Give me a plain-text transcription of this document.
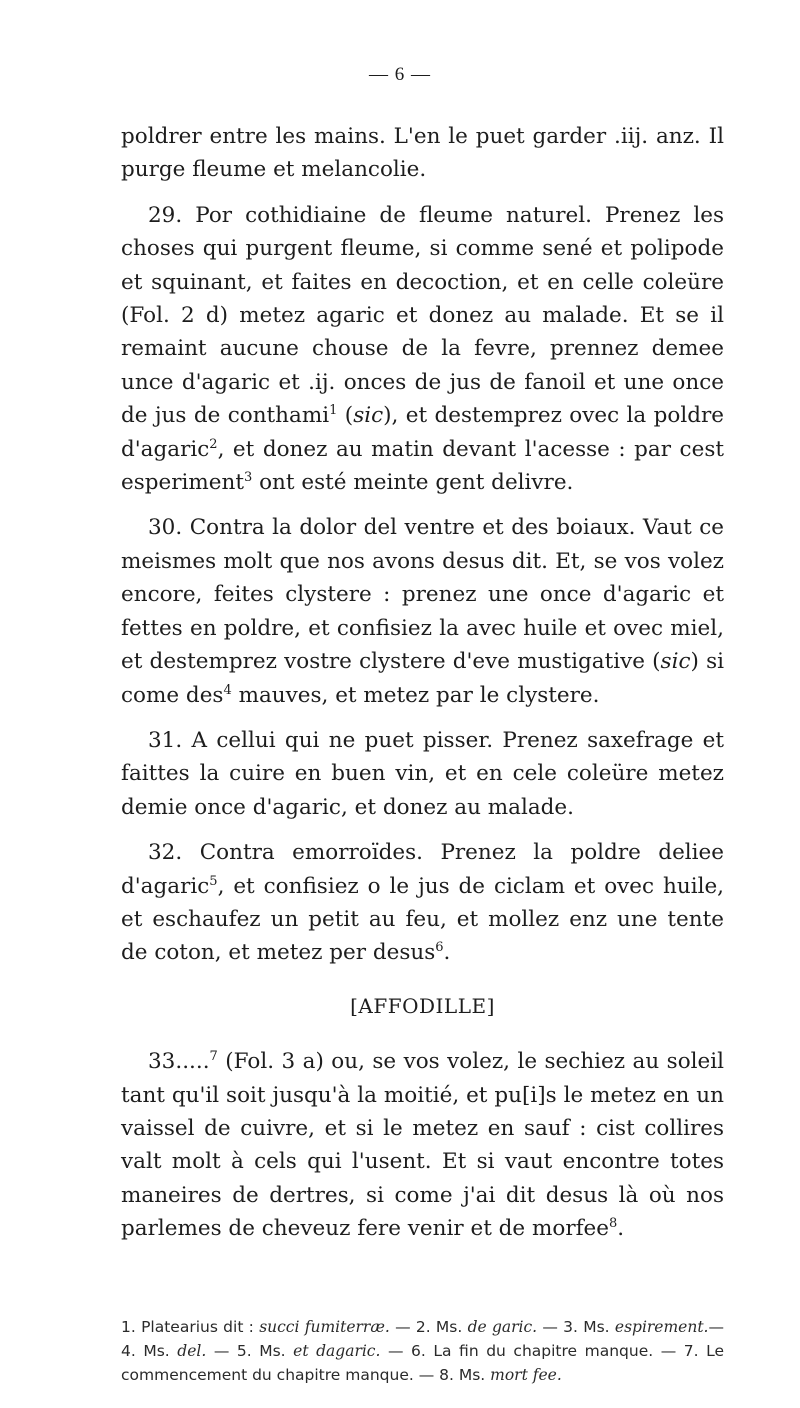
— 6 —

poldrer entre les mains. L'en le puet garder .iij. anz. Il purge fleume et melancolie.

29. Por cothidiaine de fleume naturel. Prenez les choses qui purgent fleume, si comme sené et polipode et squinant, et faites en decoction, et en celle coleüre (Fol. 2 d) metez agaric et donez au malade. Et se il remaint aucune chouse de la fevre, prennez demee unce d'agaric et .ij. onces de jus de fanoil et une once de jus de conthami$^1$ (sic), et destemprez ovec la poldre d'agaric$^2$, et donez au matin devant l'acesse : par cest esperiment$^3$ ont esté meinte gent delivre.

30. Contra la dolor del ventre et des boiaux. Vaut ce meismes molt que nos avons desus dit. Et, se vos volez encore, feites clystere : prenez une once d'agaric et fettes en poldre, et confisiez la avec huile et ovec miel, et destemprez vostre clystere d'eve mustigative (sic) si come des$^4$ mauves, et metez par le clystere.

31. A cellui qui ne puet pisser. Prenez saxefrage et faittes la cuire en buen vin, et en cele coleüre metez demie once d'agaric, et donez au malade.

32. Contra emorroïdes. Prenez la poldre deliee d'agaric$^5$, et confisiez o le jus de ciclam et ovec huile, et eschaufez un petit au feu, et mollez enz une tente de coton, et metez per desus$^6$.

[AFFODILLE]

33.....$^7$ (Fol. 3 a) ou, se vos volez, le sechiez au soleil tant qu'il soit jusqu'à la moitié, et pu[i]s le metez en un vaissel de cuivre, et si le metez en sauf : cist collires valt molt à cels qui l'usent. Et si vaut encontre totes maneires de dertres, si come j'ai dit desus là où nos parlemes de cheveuz fere venir et de morfee$^8$.

1. Platearius dit : succi fumiterræ. — 2. Ms. de garic. — 3. Ms. espirement.— 4. Ms. del. — 5. Ms. et dagaric. — 6. La fin du chapitre manque. — 7. Le commencement du chapitre manque. — 8. Ms. mort fee.
